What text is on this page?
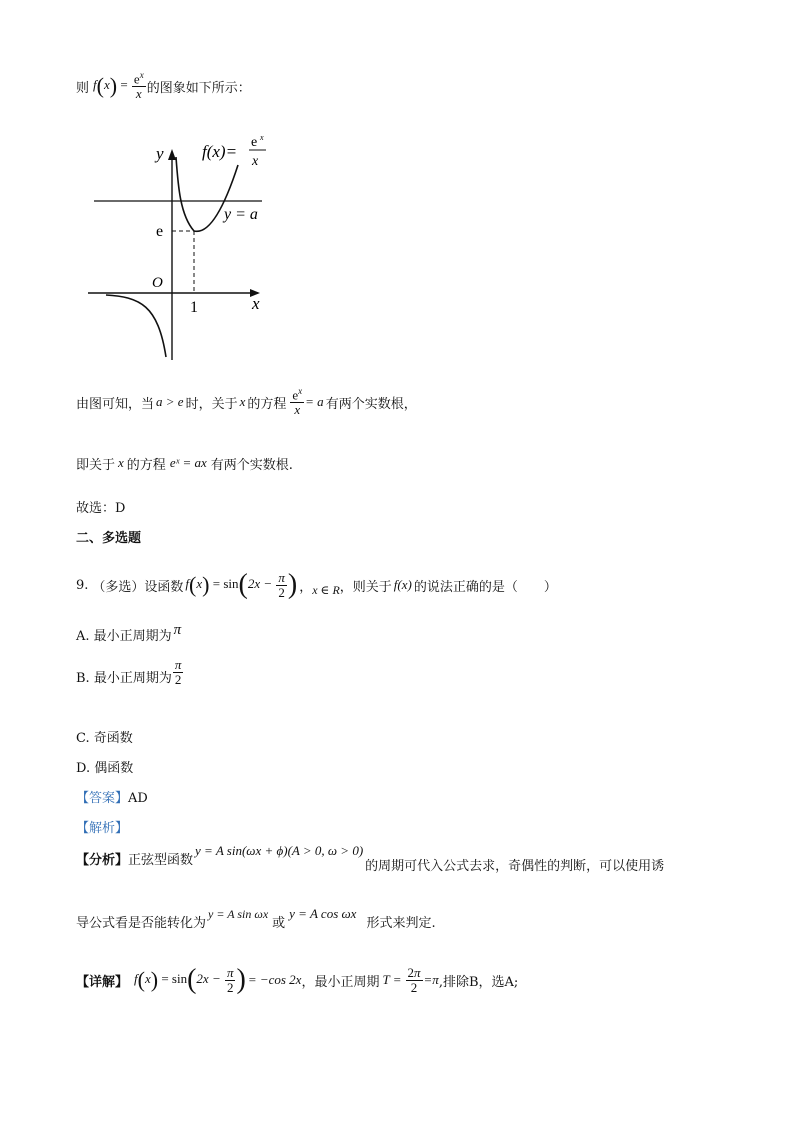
则 $f(x) = \frac{e^x}{x}$ 的图象如下所示：
y
x
O
1
e
y = a
f(x)= e x
x
由图可知，当 a > e 时，关于 x 的方程 $\frac{e^x}{x} = a$ 有两个实数根，
即关于 x 的方程 eˣ = ax 有两个实数根.
故选：D
二、多选题
9. （多选）设函数 $f(x) = \sin(2x - \frac{\pi}{2}$ ) ， x ∈ R ，则关于 f(x) 的说法正确的是（　　）
A. 最小正周期为 π
B. 最小正周期为 $\frac{\pi}{2}$
C. 奇函数
D. 偶函数
【答案】AD
【解析】
【分析】 正弦型函数
y = A sin(ωx + ϕ)(A > 0, ω > 0)
的周期可代入公式去求，奇偶性的判断，可以使用诱
导公式看是否能转化为
y = A sin ωx
或
y = A cos ωx
形式来判定.
【详解】 $f(x) = \sin(2x - \frac{\pi}{2}$ ) = −cos 2x ，最小正周期 $T = \frac{2\pi}{2} =\pi$ ,排除B，选A;
